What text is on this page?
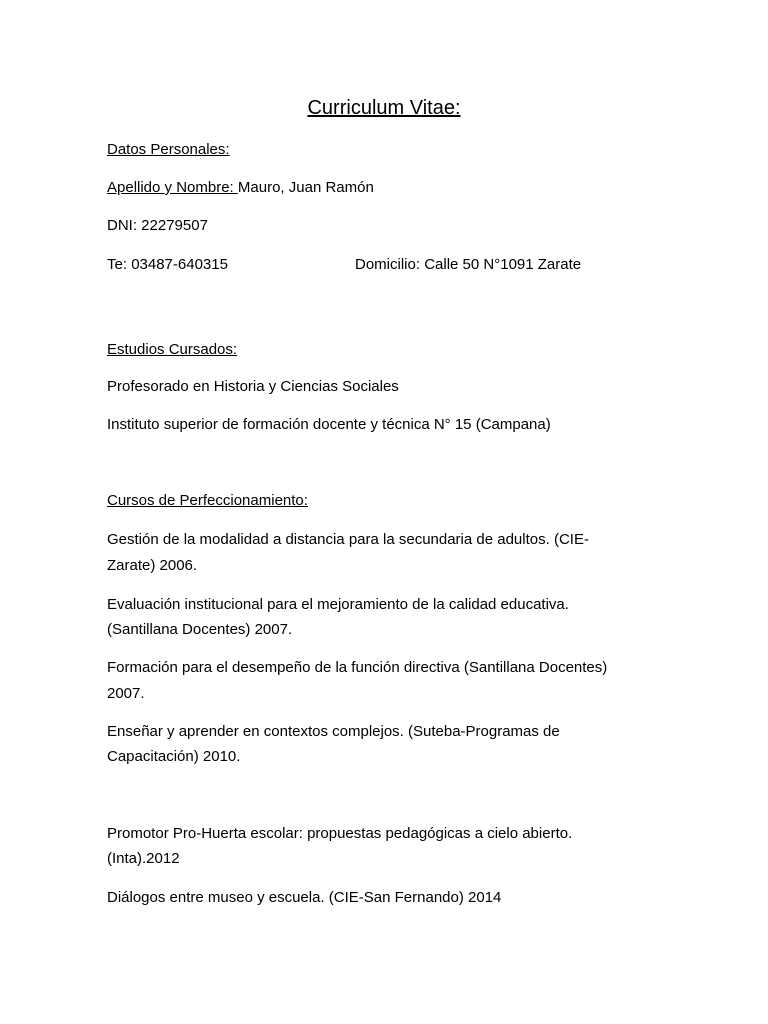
Curriculum Vitae:
Datos Personales:
Apellido y Nombre: Mauro, Juan Ramón
DNI: 22279507
Te: 03487-640315	Domicilio: Calle 50 N°1091 Zarate
Estudios Cursados:
Profesorado en Historia y Ciencias Sociales
Instituto superior de formación docente y técnica N° 15 (Campana)
Cursos de Perfeccionamiento:
Gestión de la modalidad a distancia para la secundaria de adultos. (CIE-
Zarate) 2006.
Evaluación institucional para el mejoramiento de la calidad educativa.
(Santillana Docentes) 2007.
Formación para el desempeño de la función directiva (Santillana Docentes)
2007.
Enseñar y aprender en contextos complejos. (Suteba-Programas de
Capacitación) 2010.
Promotor Pro-Huerta escolar: propuestas pedagógicas a cielo abierto.
(Inta).2012
Diálogos entre museo y escuela. (CIE-San Fernando) 2014
